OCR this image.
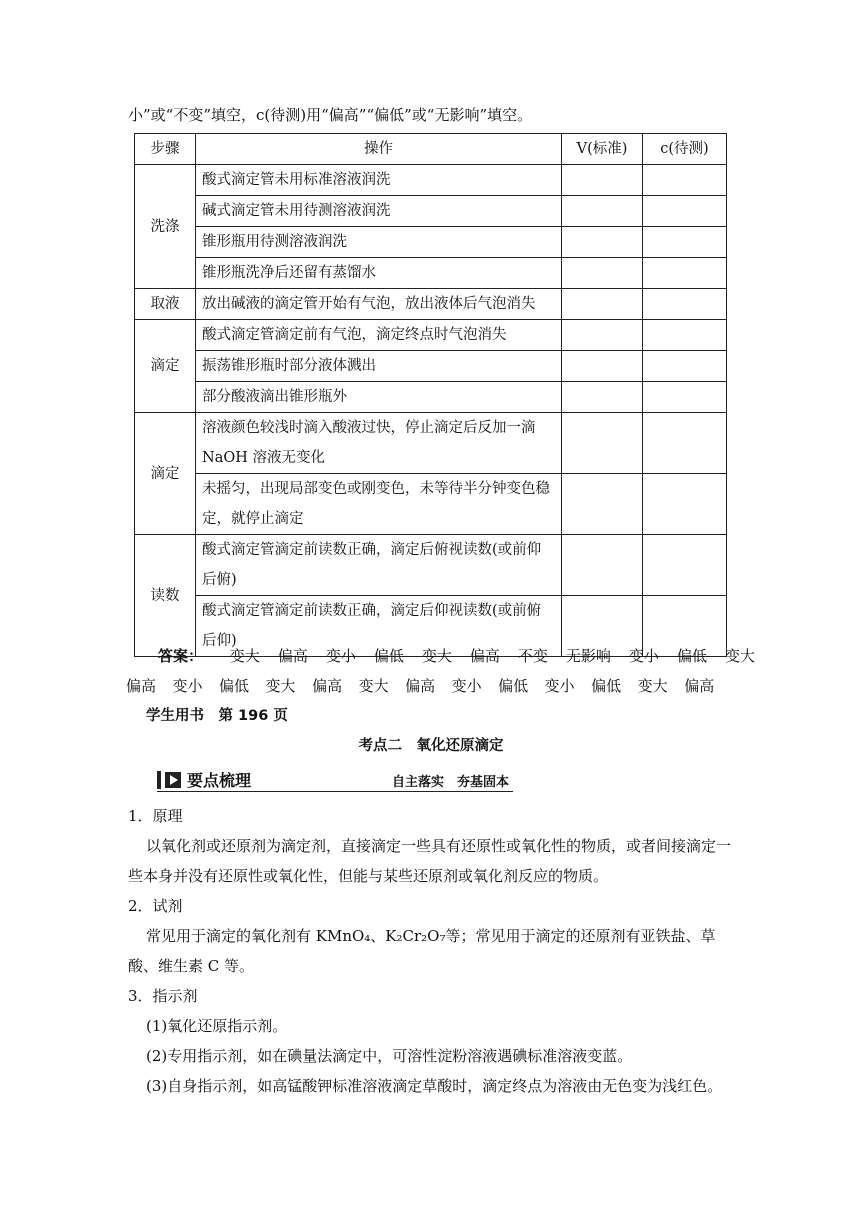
小”或“不变”填空，c(待测)用“偏高”“偏低”或“无影响”填空。
步骤	操作	V(标准)	c(待测)
洗涤	酸式滴定管未用标准溶液润洗		
	碱式滴定管未用待测溶液润洗		
	锥形瓶用待测溶液润洗		
	锥形瓶洗净后还留有蒸馏水		
取液	放出碱液的滴定管开始有气泡，放出液体后气泡消失		
滴定	酸式滴定管滴定前有气泡，滴定终点时气泡消失		
	振荡锥形瓶时部分液体溅出		
	部分酸液滴出锥形瓶外		
滴定	溶液颜色较浅时滴入酸液过快，停止滴定后反加一滴NaOH 溶液无变化		
	未摇匀，出现局部变色或刚变色，未等待半分钟变色稳定，就停止滴定		
读数	酸式滴定管滴定前读数正确，滴定后俯视读数(或前仰后俯)		
	酸式滴定管滴定前读数正确，滴定后仰视读数(或前俯后仰)		
答案： 变大 偏高 变小 偏低 变大 偏高 不变 无影响 变小 偏低 变大
偏高 变小 偏低 变大 偏高 变大 偏高 变小 偏低 变小 偏低 变大 偏高
学生用书　第 196 页
考点二　氧化还原滴定
要点梳理	自主落实　夯基固本
1．原理
以氧化剂或还原剂为滴定剂，直接滴定一些具有还原性或氧化性的物质，或者间接滴定一些本身并没有还原性或氧化性，但能与某些还原剂或氧化剂反应的物质。
2．试剂
常见用于滴定的氧化剂有 KMnO₄、K₂Cr₂O₇等；常见用于滴定的还原剂有亚铁盐、草酸、维生素 C 等。
3．指示剂
(1)氧化还原指示剂。
(2)专用指示剂，如在碘量法滴定中，可溶性淀粉溶液遇碘标准溶液变蓝。
(3)自身指示剂，如高锰酸钾标准溶液滴定草酸时，滴定终点为溶液由无色变为浅红色。
